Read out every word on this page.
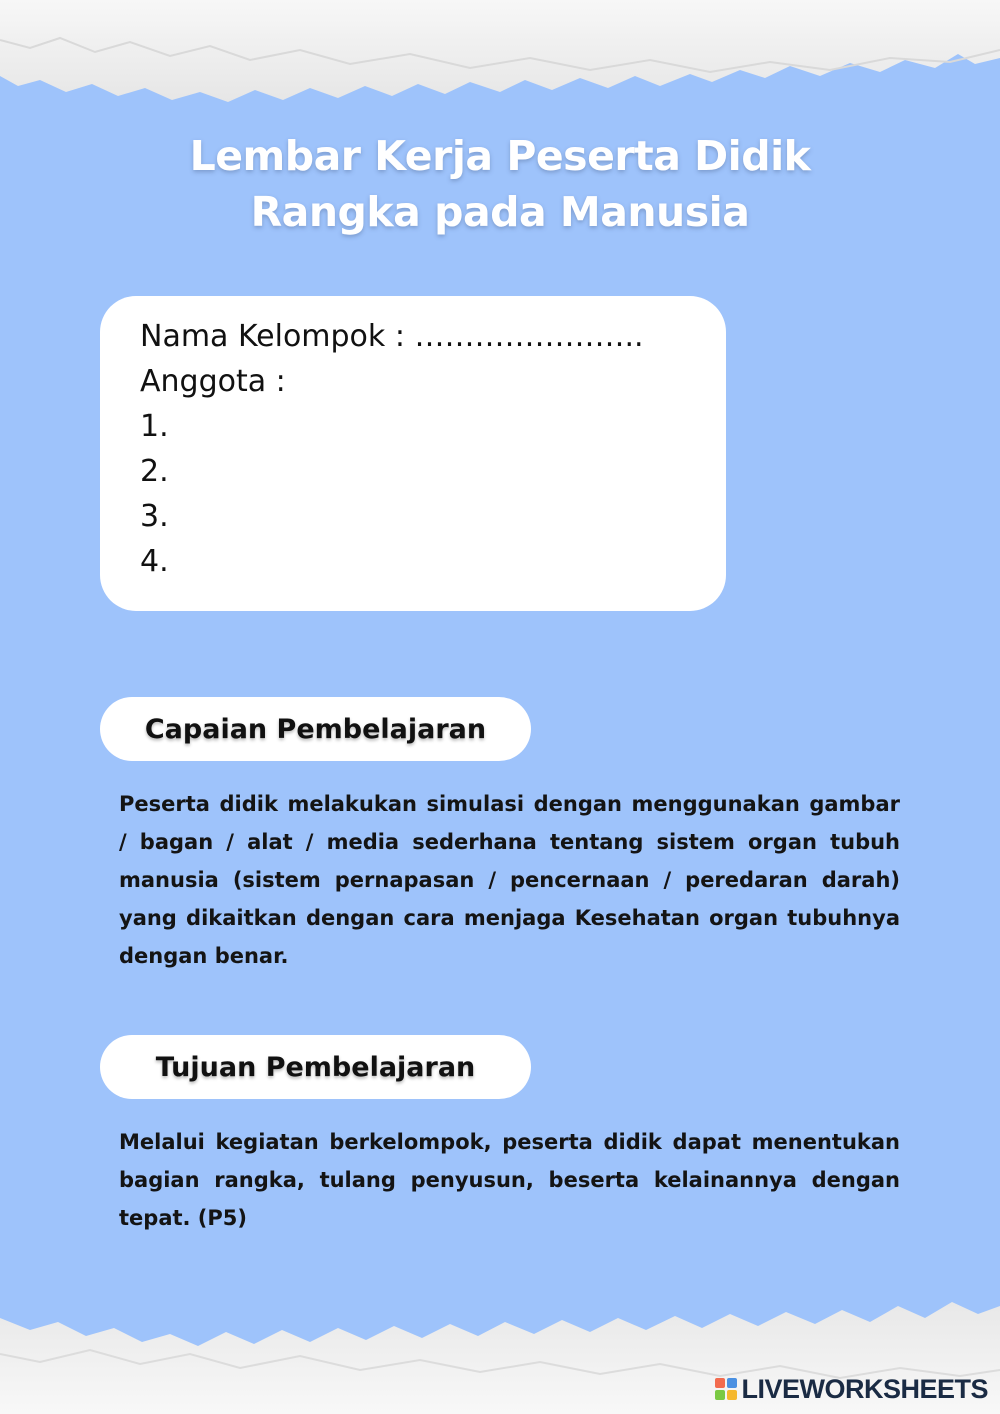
Lembar Kerja Peserta Didik
Rangka pada Manusia
Nama Kelompok : …………………..
Anggota :
1.
2.
3.
4.
Capaian Pembelajaran
Peserta didik melakukan simulasi dengan menggunakan gambar / bagan / alat / media sederhana tentang sistem organ tubuh manusia (sistem pernapasan / pencernaan / peredaran darah) yang dikaitkan dengan cara menjaga Kesehatan organ tubuhnya dengan benar.
Tujuan Pembelajaran
Melalui kegiatan berkelompok, peserta didik dapat menentukan bagian rangka, tulang penyusun, beserta kelainannya dengan tepat. (P5)
LIVEWORKSHEETS
